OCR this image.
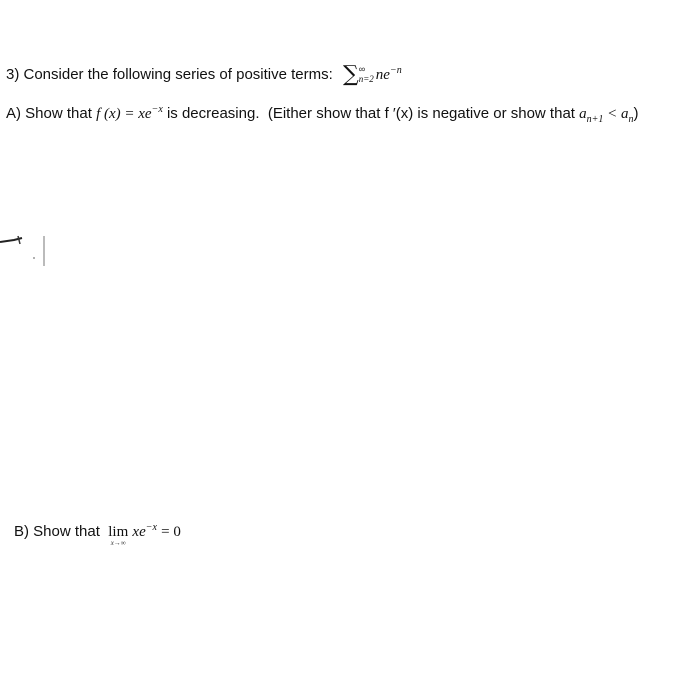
3) Consider the following series of positive terms: ∑ ∞
n=2 $ne^{-n}$
A) Show that f $(x) = xe^{-x}$ is decreasing. (Either show that f ′(x) is negative or show that $a_{n+1} < a_n$)
B) Show that lim
x→∞
$xe^{-x} = 0$
